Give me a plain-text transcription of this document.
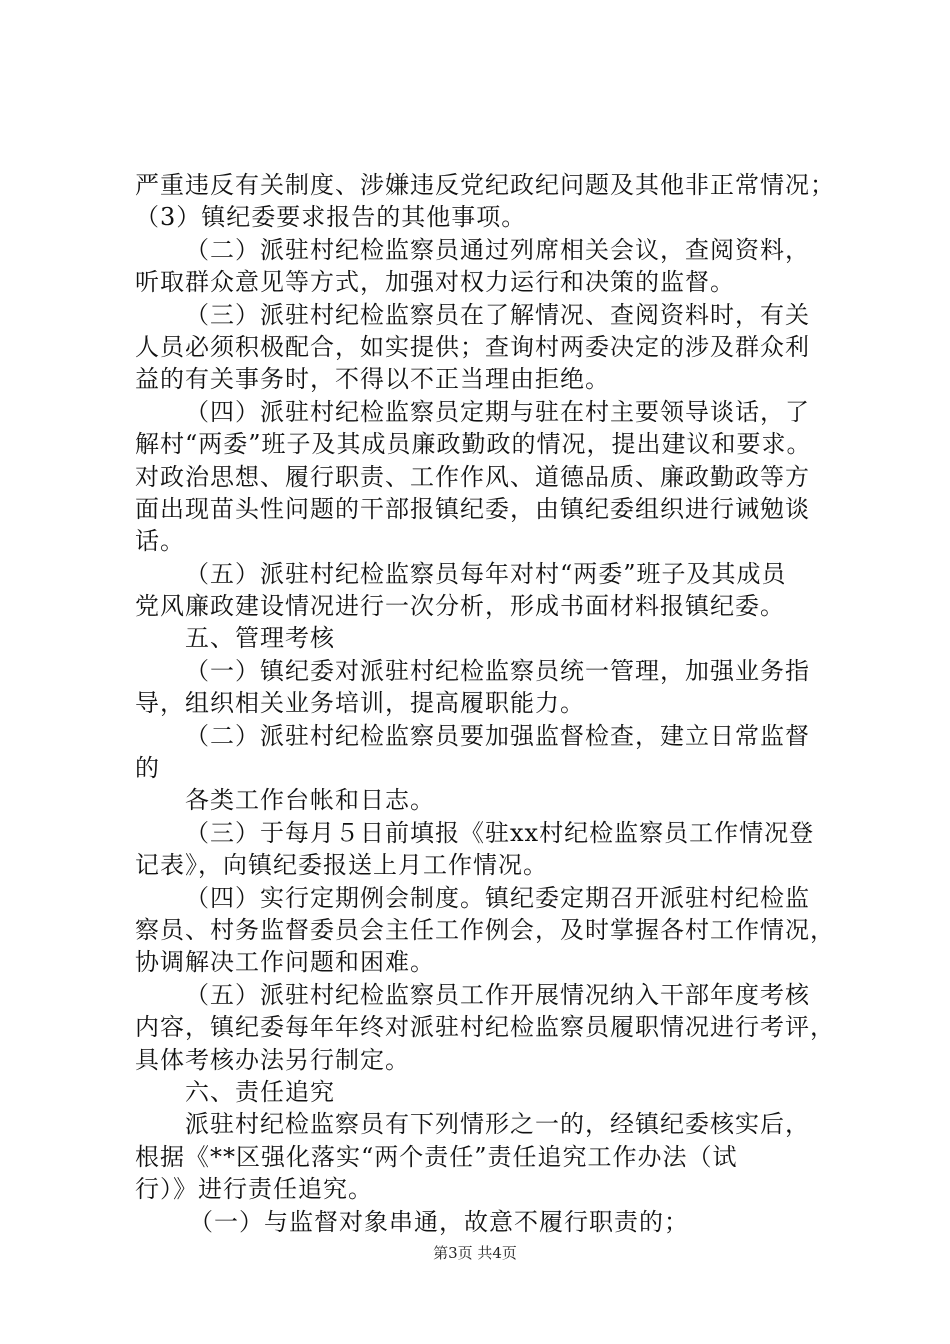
严重违反有关制度、涉嫌违反党纪政纪问题及其他非正常情况；
（3）镇纪委要求报告的其他事项。
（二）派驻村纪检监察员通过列席相关会议，查阅资料，
听取群众意见等方式，加强对权力运行和决策的监督。
（三）派驻村纪检监察员在了解情况、查阅资料时，有关
人员必须积极配合，如实提供；查询村两委决定的涉及群众利
益的有关事务时，不得以不正当理由拒绝。
（四）派驻村纪检监察员定期与驻在村主要领导谈话，了
解村“两委”班子及其成员廉政勤政的情况，提出建议和要求。
对政治思想、履行职责、工作作风、道德品质、廉政勤政等方
面出现苗头性问题的干部报镇纪委，由镇纪委组织进行诫勉谈
话。
（五）派驻村纪检监察员每年对村“两委”班子及其成员
党风廉政建设情况进行一次分析，形成书面材料报镇纪委。
五、管理考核
（一）镇纪委对派驻村纪检监察员统一管理，加强业务指
导，组织相关业务培训，提高履职能力。
（二）派驻村纪检监察员要加强监督检查，建立日常监督
的
各类工作台帐和日志。
（三）于每月５日前填报《驻xx村纪检监察员工作情况登
记表》，向镇纪委报送上月工作情况。
（四）实行定期例会制度。镇纪委定期召开派驻村纪检监
察员、村务监督委员会主任工作例会，及时掌握各村工作情况，
协调解决工作问题和困难。
（五）派驻村纪检监察员工作开展情况纳入干部年度考核
内容，镇纪委每年年终对派驻村纪检监察员履职情况进行考评，
具体考核办法另行制定。
六、责任追究
派驻村纪检监察员有下列情形之一的，经镇纪委核实后，
根据《**区强化落实“两个责任”责任追究工作办法（试
行）》进行责任追究。
（一）与监督对象串通，故意不履行职责的；
第3页 共4页
